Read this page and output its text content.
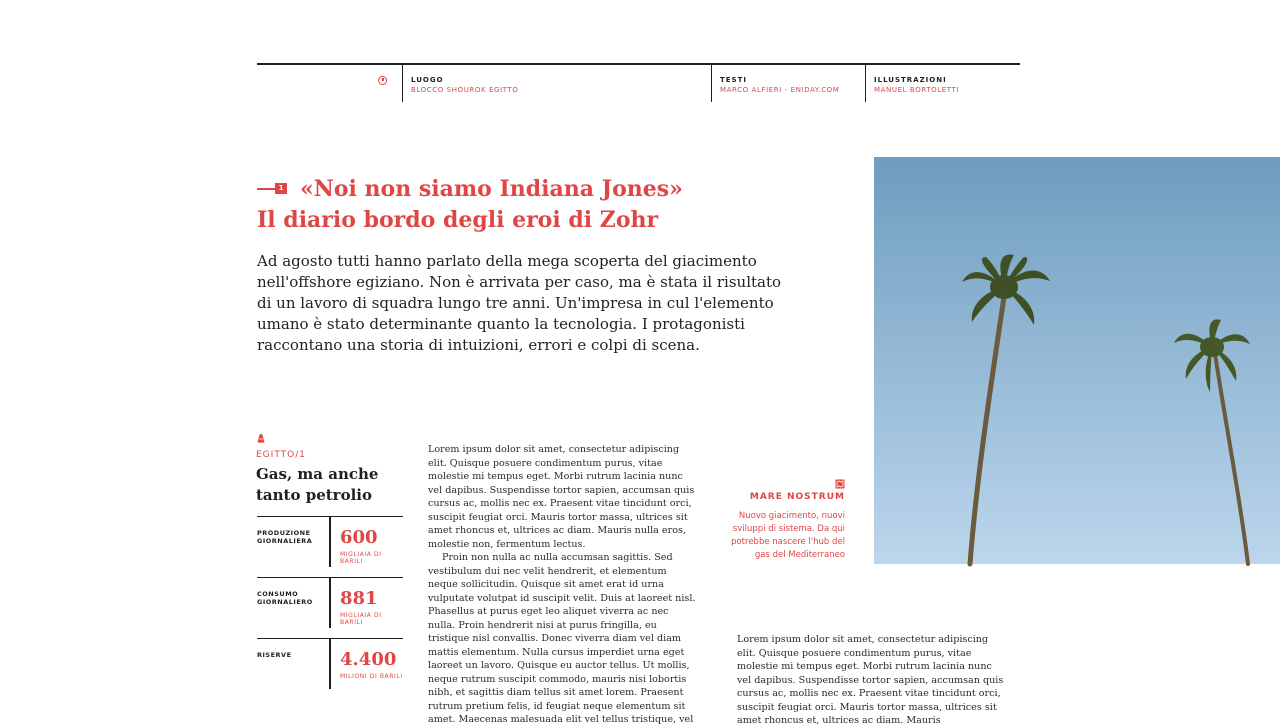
LUOGO
BLOCCO SHOUROK EGITTO
TESTI
MARCO ALFIERI - ENIDAY.COM
ILLUSTRAZIONI
MANUEL BORTOLETTI
1 «Noi non siamo Indiana Jones»
Il diario bordo degli eroi di Zohr

Ad agosto tutti hanno parlato della mega scoperta del giacimento nell'offshore egiziano. Non è arrivata per caso, ma è stata il risultato di un lavoro di squadra lungo tre anni. Un'impresa in cul l'elemento umano è stato determinante quanto la tecnologia. I protagonisti raccontano una storia di intuizioni, errori e colpi di scena.

EGITTO/1
Gas, ma anche tanto petrolio
PRODUZIONE GIORNALIERA	600
MIGLIAIA DI BARILI
CONSUMO GIORNALIERO	881
MIGLIAIA DI BARILI
RISERVE	4.400
MILIONI DI BARILI

Lorem ipsum dolor sit amet, consectetur adipiscing elit. Quisque posuere condimentum purus, vitae molestie mi tempus eget. Morbi rutrum lacinia nunc vel dapibus. Suspendisse tortor sapien, accumsan quis cursus ac, mollis nec ex. Praesent vitae tincidunt orci, suscipit feugiat orci. Mauris tortor massa, ultrices sit amet rhoncus et, ultrices ac diam. Mauris nulla eros, molestie non, fermentum lectus.

Proin non nulla ac nulla accumsan sagittis. Sed vestibulum dui nec velit hendrerit, et elementum neque sollicitudin. Quisque sit amet erat id urna vulputate volutpat id suscipit velit. Duis at laoreet nisl. Phasellus at purus eget leo aliquet viverra ac nec nulla. Proin hendrerit nisi at purus fringilla, eu tristique nisl convallis. Donec viverra diam vel diam mattis elementum. Nulla cursus imperdiet urna eget laoreet un lavoro. Quisque eu auctor tellus. Ut mollis, neque rutrum suscipit commodo, mauris nisi lobortis nibh, et sagittis diam tellus sit amet lorem. Praesent rutrum pretium felis, id feugiat neque elementum sit amet. Maecenas malesuada elit vel tellus tristique, vel

Lorem ipsum dolor sit amet, consectetur adipiscing elit. Quisque posuere condimentum purus, vitae molestie mi tempus eget. Morbi rutrum lacinia nunc vel dapibus. Suspendisse tortor sapien, accumsan quis cursus ac, mollis nec ex. Praesent vitae tincidunt orci, suscipit feugiat orci. Mauris tortor massa, ultrices sit amet rhoncus et, ultrices ac diam. Mauris

MARE NOSTRUM

Nuovo giacimento, nuovi sviluppi di sistema. Da qui potrebbe nascere l'hub del gas del Mediterraneo
